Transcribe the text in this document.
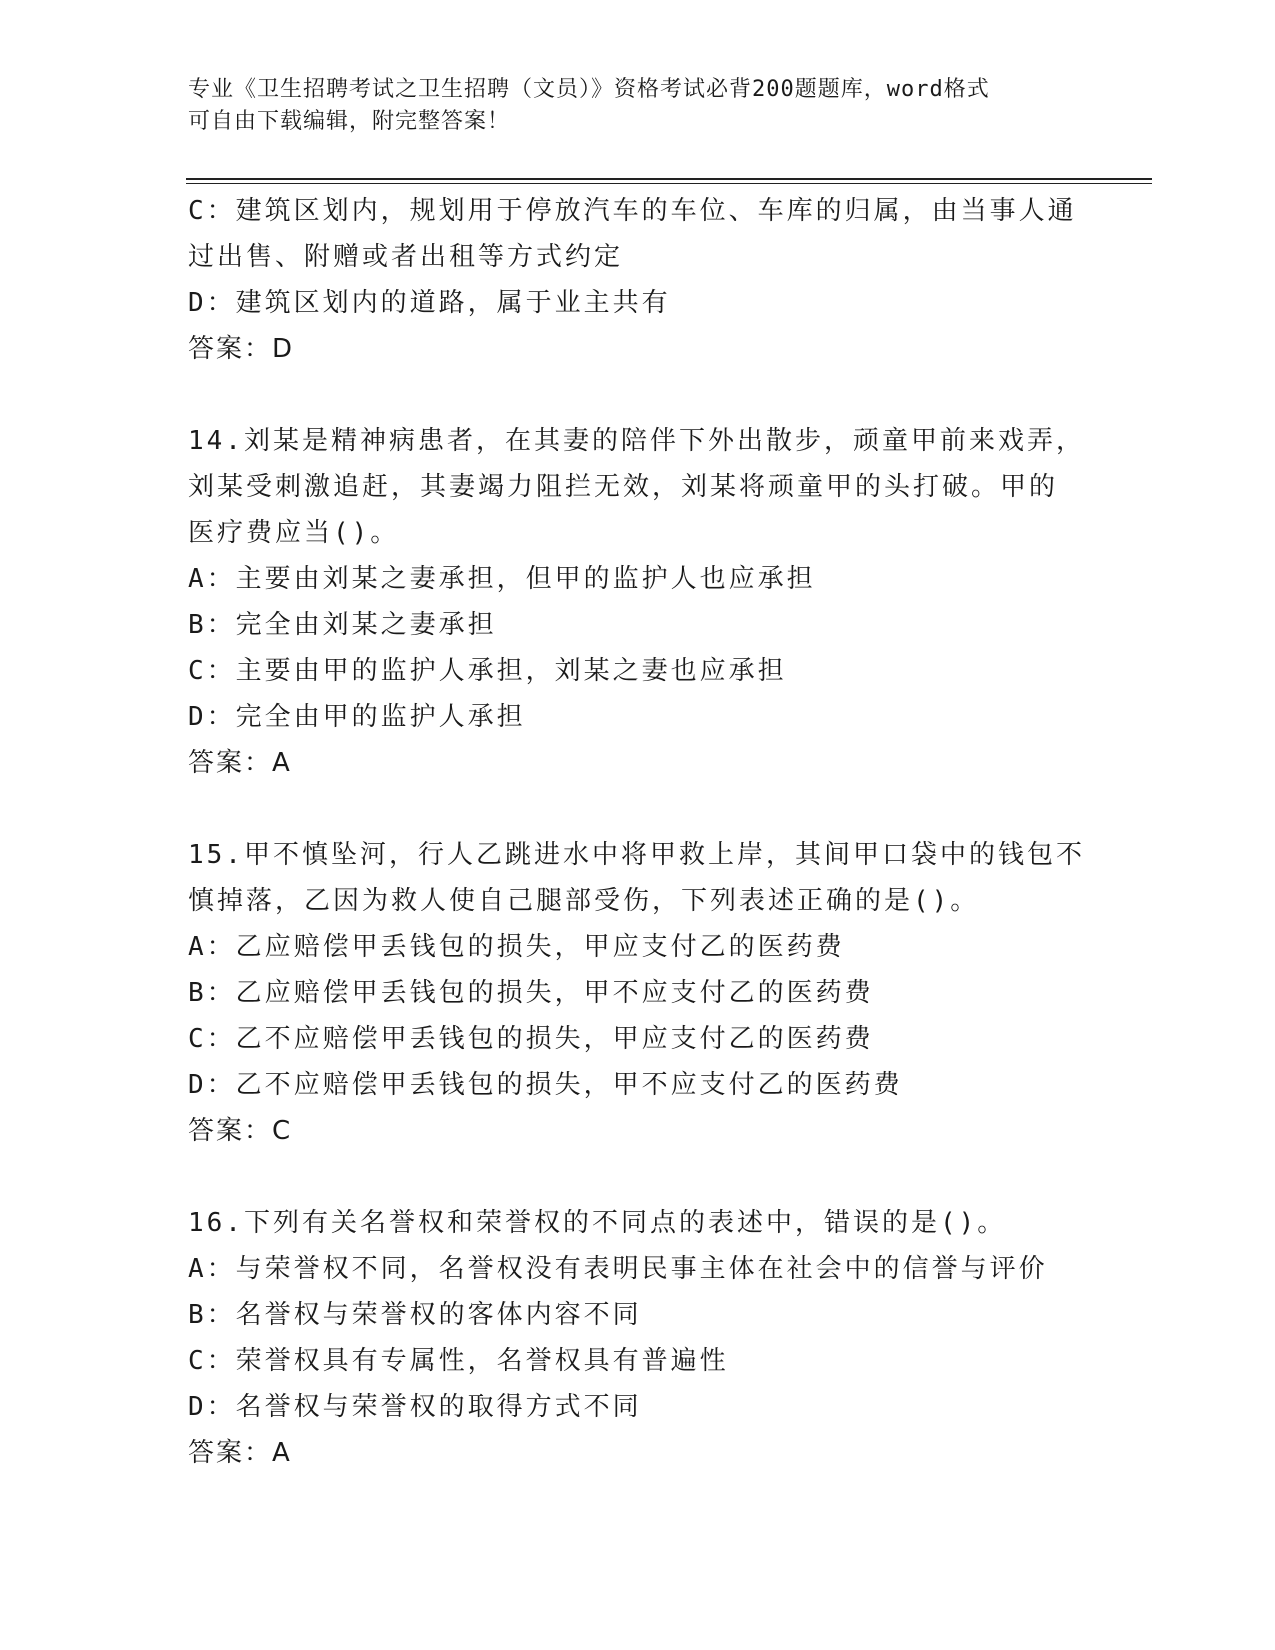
专业《卫生招聘考试之卫生招聘（文员）》资格考试必背200题题库，word格式
可自由下载编辑，附完整答案！
C：建筑区划内，规划用于停放汽车的车位、车库的归属，由当事人通
过出售、附赠或者出租等方式约定
D：建筑区划内的道路，属于业主共有
答案：D
14.刘某是精神病患者，在其妻的陪伴下外出散步，顽童甲前来戏弄，
刘某受刺激追赶，其妻竭力阻拦无效，刘某将顽童甲的头打破。甲的
医疗费应当()。
A：主要由刘某之妻承担，但甲的监护人也应承担
B：完全由刘某之妻承担
C：主要由甲的监护人承担，刘某之妻也应承担
D：完全由甲的监护人承担
答案：A
15.甲不慎坠河，行人乙跳进水中将甲救上岸，其间甲口袋中的钱包不
慎掉落，乙因为救人使自己腿部受伤，下列表述正确的是()。
A：乙应赔偿甲丢钱包的损失，甲应支付乙的医药费
B：乙应赔偿甲丢钱包的损失，甲不应支付乙的医药费
C：乙不应赔偿甲丢钱包的损失，甲应支付乙的医药费
D：乙不应赔偿甲丢钱包的损失，甲不应支付乙的医药费
答案：C
16.下列有关名誉权和荣誉权的不同点的表述中，错误的是()。
A：与荣誉权不同，名誉权没有表明民事主体在社会中的信誉与评价
B：名誉权与荣誉权的客体内容不同
C：荣誉权具有专属性，名誉权具有普遍性
D：名誉权与荣誉权的取得方式不同
答案：A
